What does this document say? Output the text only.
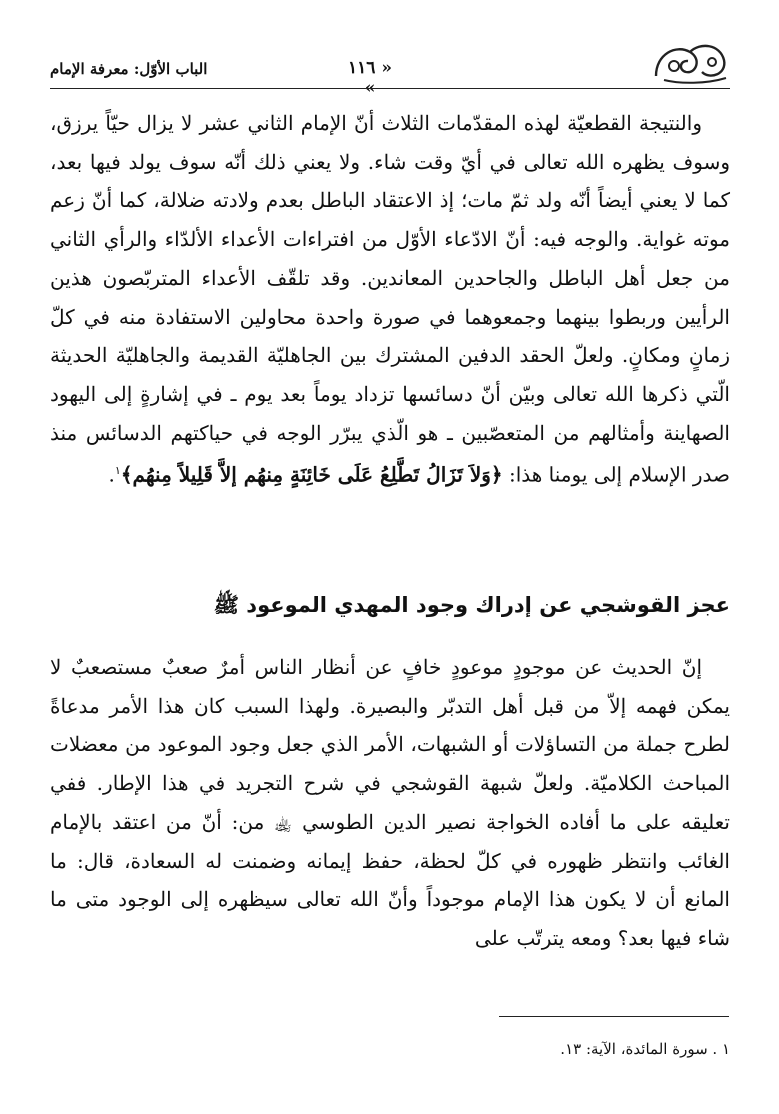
« ١١٦ »
الباب الأوّل: معرفة الإمام

والنتيجة القطعيّة لهذه المقدّمات الثلاث أنّ الإمام الثاني عشر لا يزال حيّاً يرزق، وسوف يظهره الله تعالى في أيّ وقت شاء. ولا يعني ذلك أنّه سوف يولد فيها بعد، كما لا يعني أيضاً أنّه ولد ثمّ مات؛ إذ الاعتقاد الباطل بعدم ولادته ضلالة، كما أنّ زعم موته غواية. والوجه فيه: أنّ الادّعاء الأوّل من افتراءات الأعداء الألدّاء والرأي الثاني من جعل أهل الباطل والجاحدين المعاندين. وقد تلقّف الأعداء المتربّصون هذين الرأيين وربطوا بينهما وجمعوهما في صورة واحدة محاولين الاستفادة منه في كلّ زمانٍ ومكانٍ. ولعلّ الحقد الدفين المشترك بين الجاهليّة القديمة والجاهليّة الحديثة الّتي ذكرها الله تعالى وبيّن أنّ دسائسها تزداد يوماً بعد يوم ـ في إشارةٍ إلى اليهود الصهاينة وأمثالهم من المتعصّبين ـ هو الّذي يبرّر الوجه في حياكتهم الدسائس منذ صدر الإسلام إلى يومنا هذا: ﴿وَلاَ تَزَالُ تَطَّلِعُ عَلَى خَائِنَةٍ مِنهُم إلاَّ قَلِيلاً مِنهُم﴾$^١$.

عجز القوشجي عن إدراك وجود المهدي الموعود ﷺ

إنّ الحديث عن موجودٍ موعودٍ خافٍ عن أنظار الناس أمرٌ صعبٌ مستصعبٌ لا يمكن فهمه إلاّ من قبل أهل التدبّر والبصيرة. ولهذا السبب كان هذا الأمر مدعاةً لطرح جملة من التساؤلات أو الشبهات، الأمر الذي جعل وجود الموعود من معضلات المباحث الكلاميّة. ولعلّ شبهة القوشجي في شرح التجريد في هذا الإطار. ففي تعليقه على ما أفاده الخواجة نصير الدين الطوسي ﵀ من: أنّ من اعتقد بالإمام الغائب وانتظر ظهوره في كلّ لحظة، حفظ إيمانه وضمنت له السعادة، قال: ما المانع أن لا يكون هذا الإمام موجوداً وأنّ الله تعالى سيظهره إلى الوجود متى ما شاء فيها بعد؟ ومعه يترتّب على

١ . سورة المائدة، الآية: ١٣.
